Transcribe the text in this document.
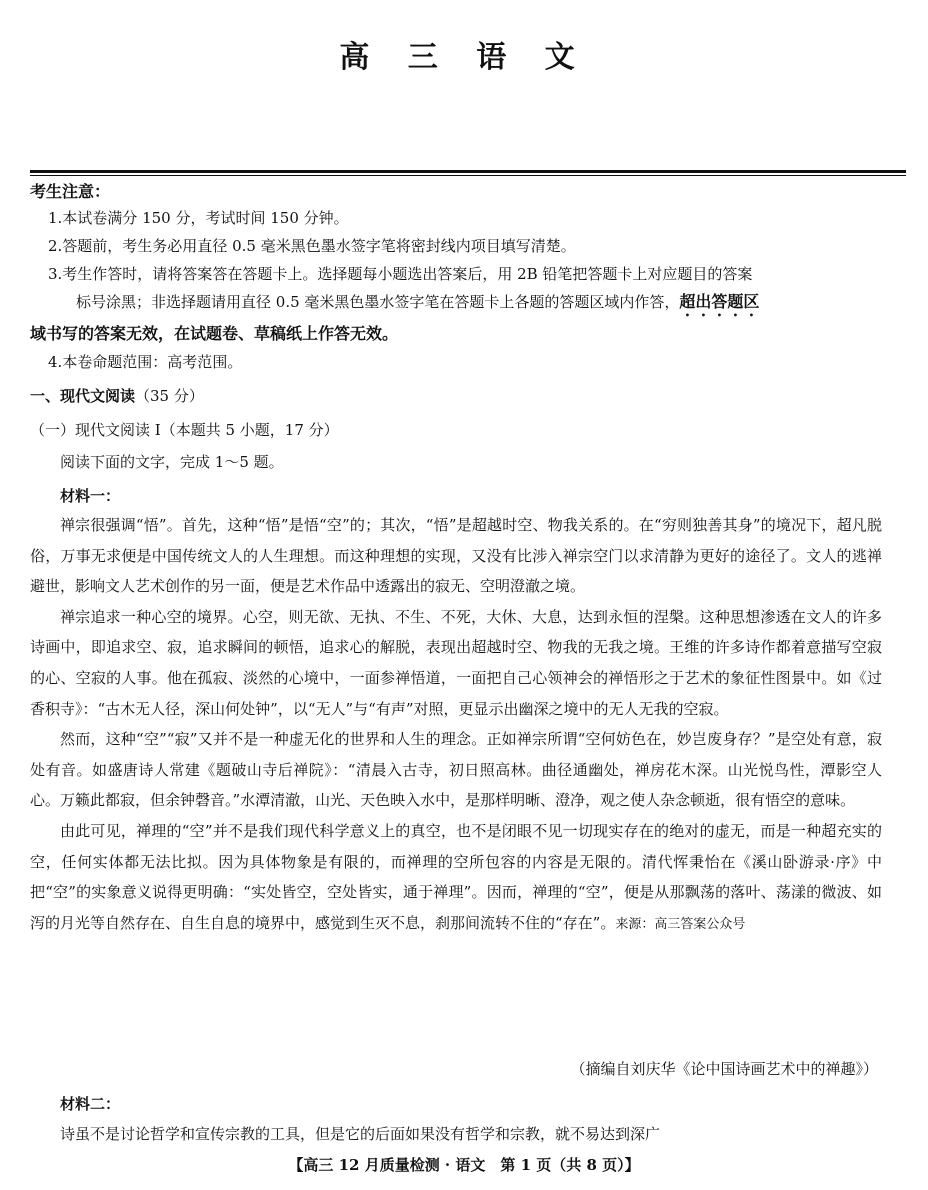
高 三 语 文
考生注意：

1.本试卷满分 150 分，考试时间 150 分钟。

2.答题前，考生务必用直径 0.5 毫米黑色墨水签字笔将密封线内项目填写清楚。

3.考生作答时，请将答案答在答题卡上。选择题每小题选出答案后，用 2B 铅笔把答题卡上对应题目的答案

标号涂黑；非选择题请用直径 0.5 毫米黑色墨水签字笔在答题卡上各题的答题区域内作答，超出答题区

域书写的答案无效，在试题卷、草稿纸上作答无效。

4.本卷命题范围：高考范围。

一、现代文阅读（35 分）
（一）现代文阅读 Ⅰ（本题共 5 小题，17 分）
阅读下面的文字，完成 1～5 题。
材料一：

禅宗很强调“悟”。首先，这种“悟”是悟“空”的；其次，“悟”是超越时空、物我关系的。在“穷则独善其身”的境况下，超凡脱俗，万事无求便是中国传统文人的人生理想。而这种理想的实现，又没有比涉入禅宗空门以求清静为更好的途径了。文人的逃禅避世，影响文人艺术创作的另一面，便是艺术作品中透露出的寂无、空明澄澈之境。

禅宗追求一种心空的境界。心空，则无欲、无执、不生、不死，大休、大息，达到永恒的涅槃。这种思想渗透在文人的许多诗画中，即追求空、寂，追求瞬间的顿悟，追求心的解脱，表现出超越时空、物我的无我之境。王维的许多诗作都着意描写空寂的心、空寂的人事。他在孤寂、淡然的心境中，一面参禅悟道，一面把自己心领神会的禅悟形之于艺术的象征性图景中。如《过香积寺》：“古木无人径，深山何处钟”，以“无人”与“有声”对照，更显示出幽深之境中的无人无我的空寂。

然而，这种“空”“寂”又并不是一种虚无化的世界和人生的理念。正如禅宗所谓“空何妨色在，妙岂废身存？”是空处有意，寂处有音。如盛唐诗人常建《题破山寺后禅院》：“清晨入古寺，初日照高林。曲径通幽处，禅房花木深。山光悦鸟性，潭影空人心。万籁此都寂，但余钟磬音。”水潭清澈，山光、天色映入水中，是那样明晰、澄净，观之使人杂念顿逝，很有悟空的意味。

由此可见，禅理的“空”并不是我们现代科学意义上的真空，也不是闭眼不见一切现实存在的绝对的虚无，而是一种超充实的空，任何实体都无法比拟。因为具体物象是有限的，而禅理的空所包容的内容是无限的。清代恽秉怡在《溪山卧游录·序》中把“空”的实象意义说得更明确：“实处皆空，空处皆实，通于禅理”。因而，禅理的“空”，便是从那飘荡的落叶、荡漾的微波、如泻的月光等自然存在、自生自息的境界中，感觉到生灭不息，刹那间流转不住的“存在”。来源：高三答案公众号

（摘编自刘庆华《论中国诗画艺术中的禅趣》）
材料二：

诗虽不是讨论哲学和宣传宗教的工具，但是它的后面如果没有哲学和宗教，就不易达到深广

【高三 12 月质量检测 · 语文　第 1 页（共 8 页）】
